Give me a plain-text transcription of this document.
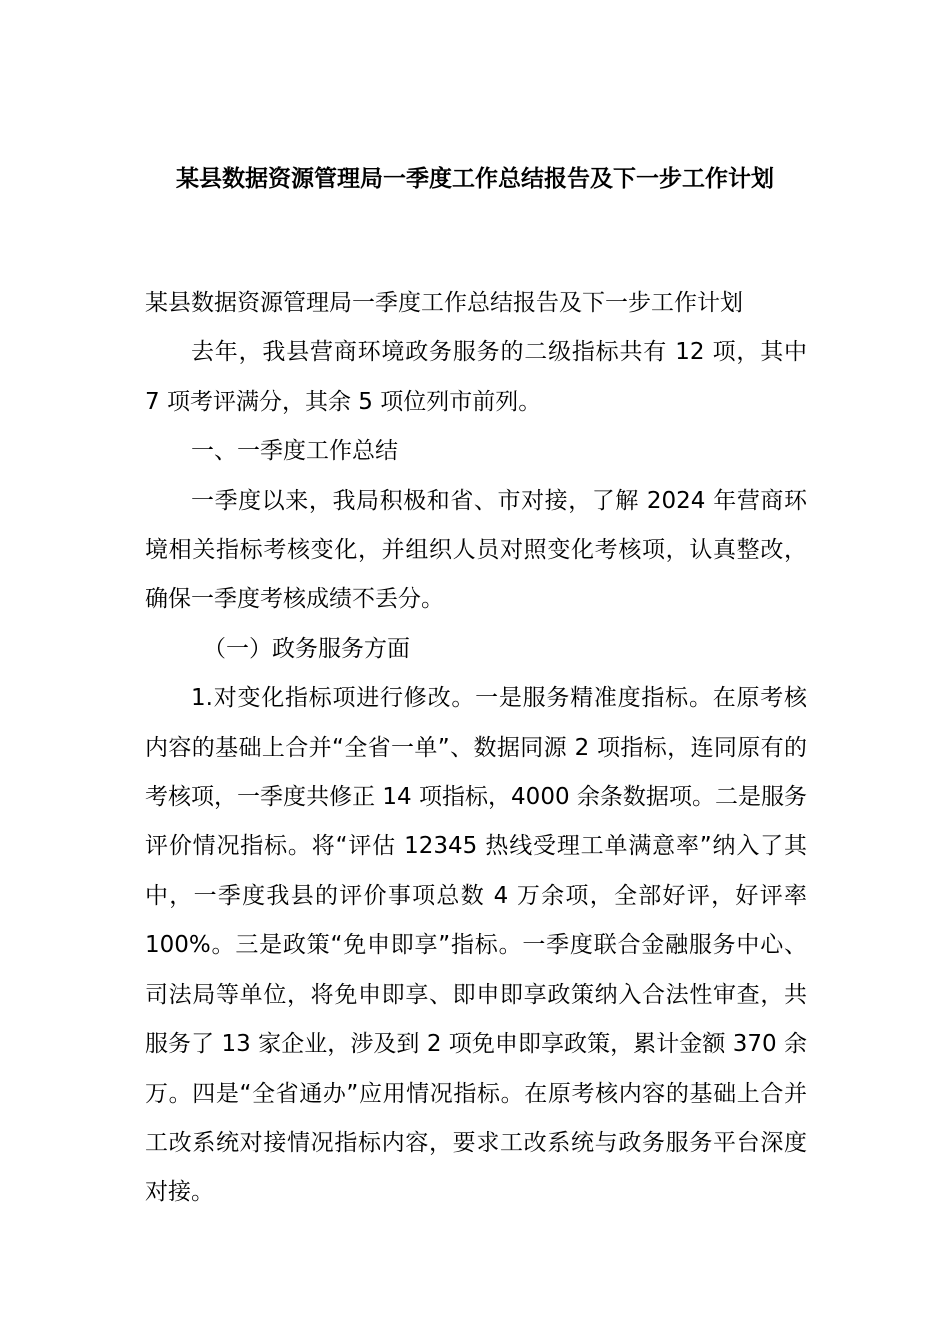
某县数据资源管理局一季度工作总结报告及下一步工作计划

某县数据资源管理局一季度工作总结报告及下一步工作计划

去年，我县营商环境政务服务的二级指标共有 12 项，其中 7 项考评满分，其余 5 项位列市前列。

一、一季度工作总结

一季度以来，我局积极和省、市对接，了解 2024 年营商环境相关指标考核变化，并组织人员对照变化考核项，认真整改，确保一季度考核成绩不丢分。

（一）政务服务方面

1.对变化指标项进行修改。一是服务精准度指标。在原考核内容的基础上合并“全省一单”、数据同源 2 项指标，连同原有的考核项，一季度共修正 14 项指标，4000 余条数据项。二是服务评价情况指标。将“评估 12345 热线受理工单满意率”纳入了其中，一季度我县的评价事项总数 4 万余项，全部好评，好评率 100%。三是政策“免申即享”指标。一季度联合金融服务中心、司法局等单位，将免申即享、即申即享政策纳入合法性审查，共服务了 13 家企业，涉及到 2 项免申即享政策，累计金额 370 余万。四是“全省通办”应用情况指标。在原考核内容的基础上合并工改系统对接情况指标内容，要求工改系统与政务服务平台深度对接。
